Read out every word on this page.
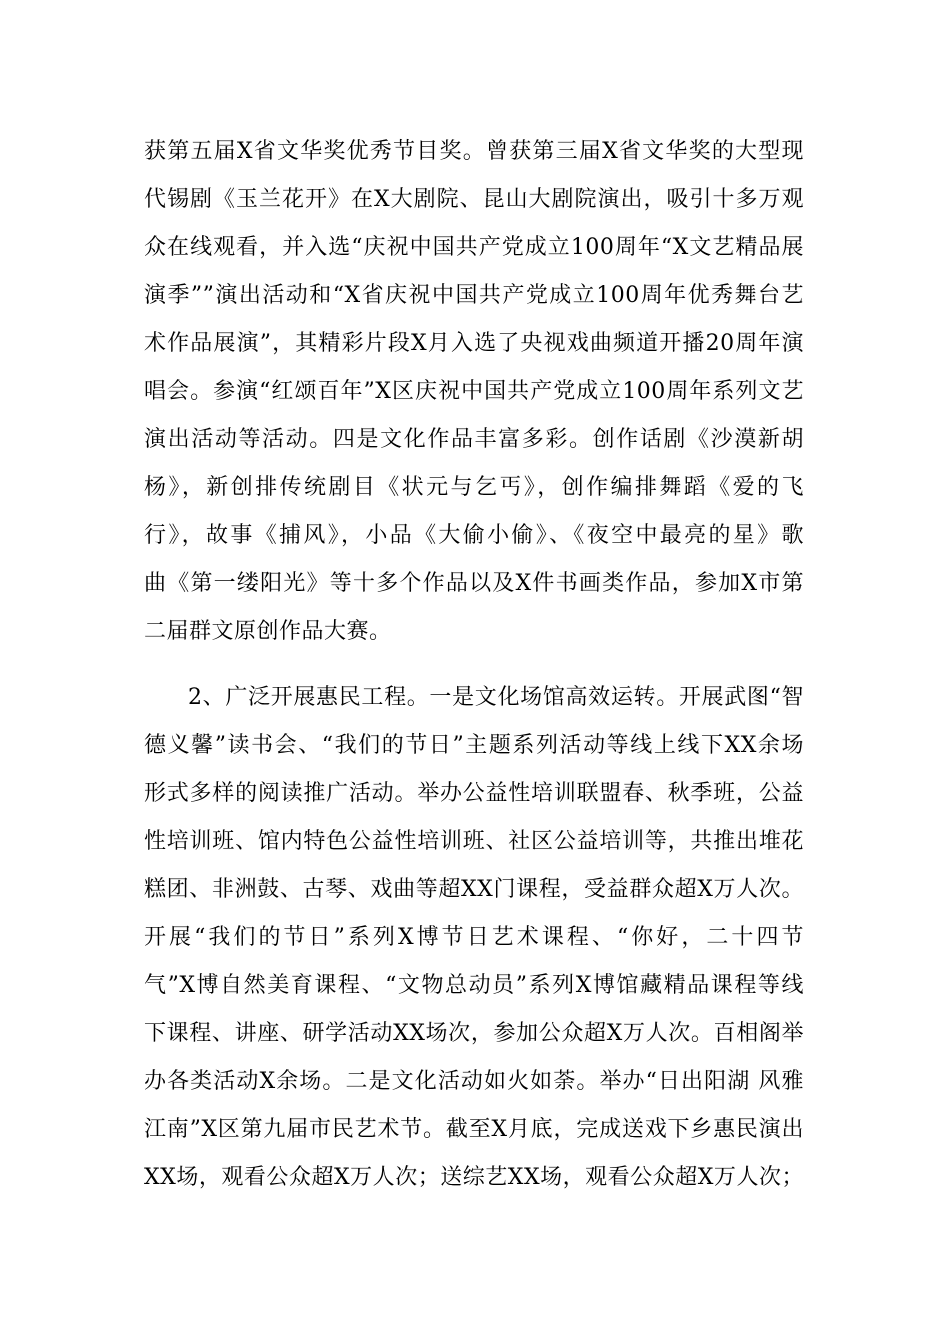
获第五届X省文华奖优秀节目奖。曾获第三届X省文华奖的大型现
代锡剧《玉兰花开》在X大剧院、昆山大剧院演出，吸引十多万观
众在线观看，并入选“庆祝中国共产党成立100周年“X文艺精品展
演季””演出活动和“X省庆祝中国共产党成立100周年优秀舞台艺
术作品展演”，其精彩片段X月入选了央视戏曲频道开播20周年演
唱会。参演“红颂百年”X区庆祝中国共产党成立100周年系列文艺
演出活动等活动。四是文化作品丰富多彩。创作话剧《沙漠新胡
杨》，新创排传统剧目《状元与乞丐》，创作编排舞蹈《爱的飞
行》，故事《捕风》，小品《大偷小偷》、《夜空中最亮的星》歌
曲《第一缕阳光》等十多个作品以及X件书画类作品，参加X市第
二届群文原创作品大赛。
2、广泛开展惠民工程。一是文化场馆高效运转。开展武图“智
德义馨”读书会、“我们的节日”主题系列活动等线上线下XX余场
形式多样的阅读推广活动。举办公益性培训联盟春、秋季班，公益
性培训班、馆内特色公益性培训班、社区公益培训等，共推出堆花
糕团、非洲鼓、古琴、戏曲等超XX门课程，受益群众超X万人次。
开展“我们的节日”系列X博节日艺术课程、“你好，二十四节
气”X博自然美育课程、“文物总动员”系列X博馆藏精品课程等线
下课程、讲座、研学活动XX场次，参加公众超X万人次。百相阁举
办各类活动X余场。二是文化活动如火如荼。举办“日出阳湖 风雅
江南”X区第九届市民艺术节。截至X月底，完成送戏下乡惠民演出
XX场，观看公众超X万人次；送综艺XX场，观看公众超X万人次；
